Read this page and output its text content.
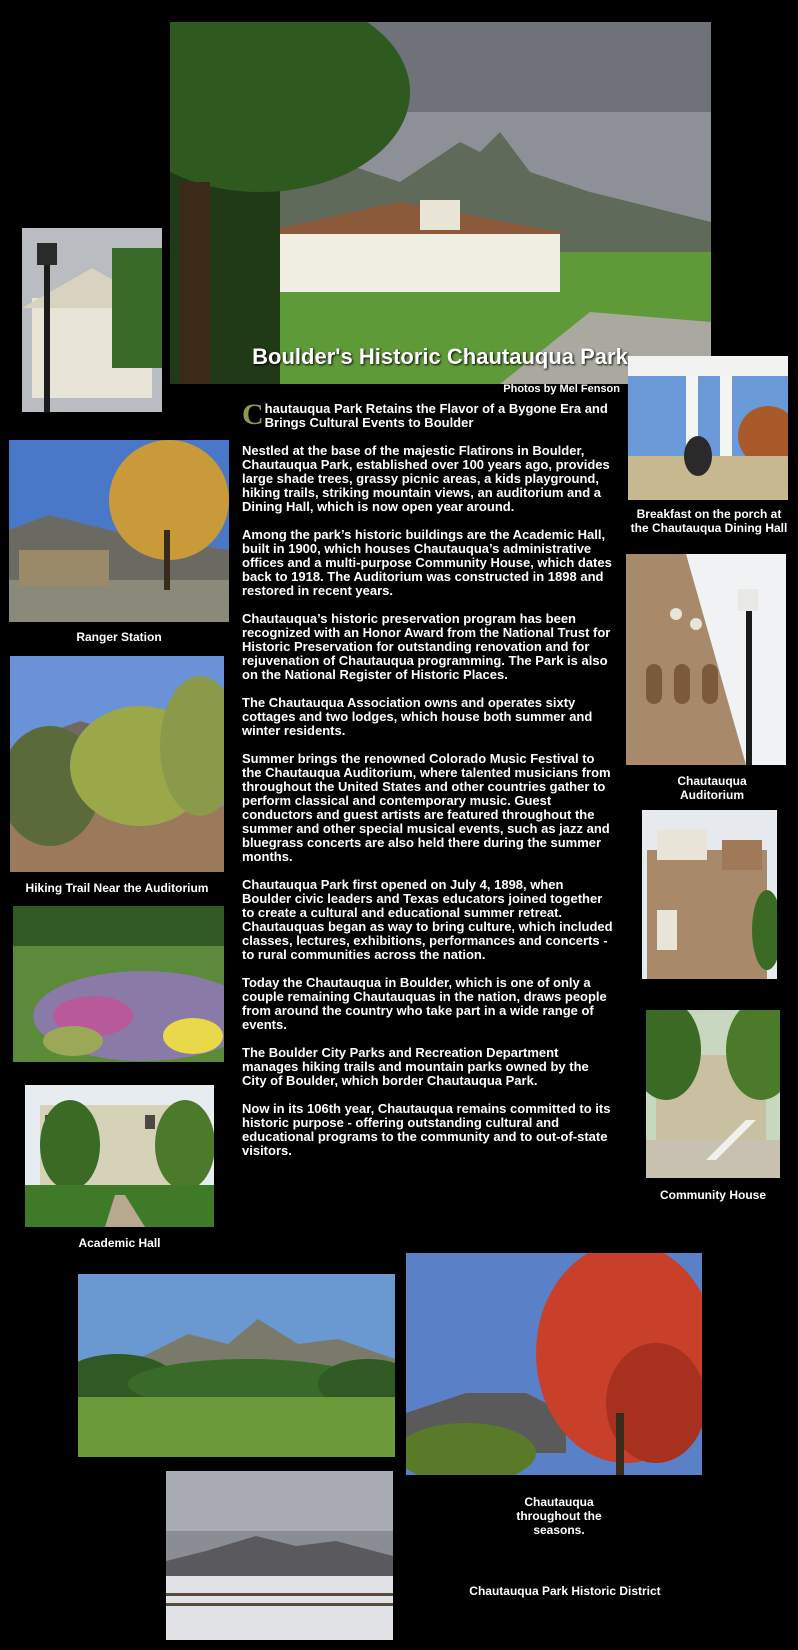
Boulder's Historic Chautauqua Park
Photos by Mel Fenson
Ranger Station
Hiking Trail Near the Auditorium
Academic Hall

Chautauqua Park Retains the Flavor of a Bygone Era and Brings Cultural Events to Boulder

Nestled at the base of the majestic Flatirons in Boulder, Chautauqua Park, established over 100 years ago, provides large shade trees, grassy picnic areas, a kids playground, hiking trails, striking mountain views, an auditorium and a Dining Hall, which is now open year around.

Among the park’s historic buildings are the Academic Hall, built in 1900, which houses Chautauqua’s administrative offices and a multi-purpose Community House, which dates back to 1918. The Auditorium was constructed in 1898 and restored in recent years.

Chautauqua’s historic preservation program has been recognized with an Honor Award from the National Trust for Historic Preservation for outstanding renovation and for rejuvenation of Chautauqua programming. The Park is also on the National Register of Historic Places.

The Chautauqua Association owns and operates sixty cottages and two lodges, which house both summer and winter residents.

Summer brings the renowned Colorado Music Festival to the Chautauqua Auditorium, where talented musicians from throughout the United States and other countries gather to perform classical and contemporary music. Guest conductors and guest artists are featured throughout the summer and other special musical events, such as jazz and bluegrass concerts are also held there during the summer months.

Chautauqua Park first opened on July 4, 1898, when Boulder civic leaders and Texas educators joined together to create a cultural and educational summer retreat. Chautauquas began as way to bring culture, which included classes, lectures, exhibitions, performances and concerts - to rural communities across the nation.

Today the Chautauqua in Boulder, which is one of only a couple remaining Chautauquas in the nation, draws people from around the country who take part in a wide range of events.

The Boulder City Parks and Recreation Department manages hiking trails and mountain parks owned by the City of Boulder, which border Chautauqua Park.

Now in its 106th year, Chautauqua remains committed to its historic purpose - offering outstanding cultural and educational programs to the community and to out-of-state visitors.

Breakfast on the porch at the Chautauqua Dining Hall
Chautauqua Auditorium
Community House
Chautauqua throughout the seasons.
Chautauqua Park Historic District
